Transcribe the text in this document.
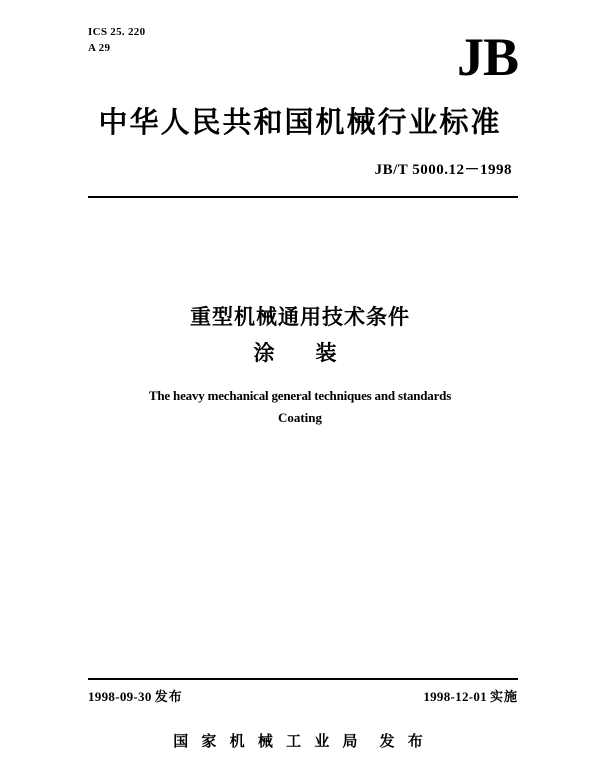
ICS 25. 220
A 29	JB
中华人民共和国机械行业标准
JB/T 5000.12－1998
重型机械通用技术条件
涂　装
The heavy mechanical general techniques and standards
Coating
1998-09-30 发布	1998-12-01 实施
国 家 机 械 工 业 局 发 布
